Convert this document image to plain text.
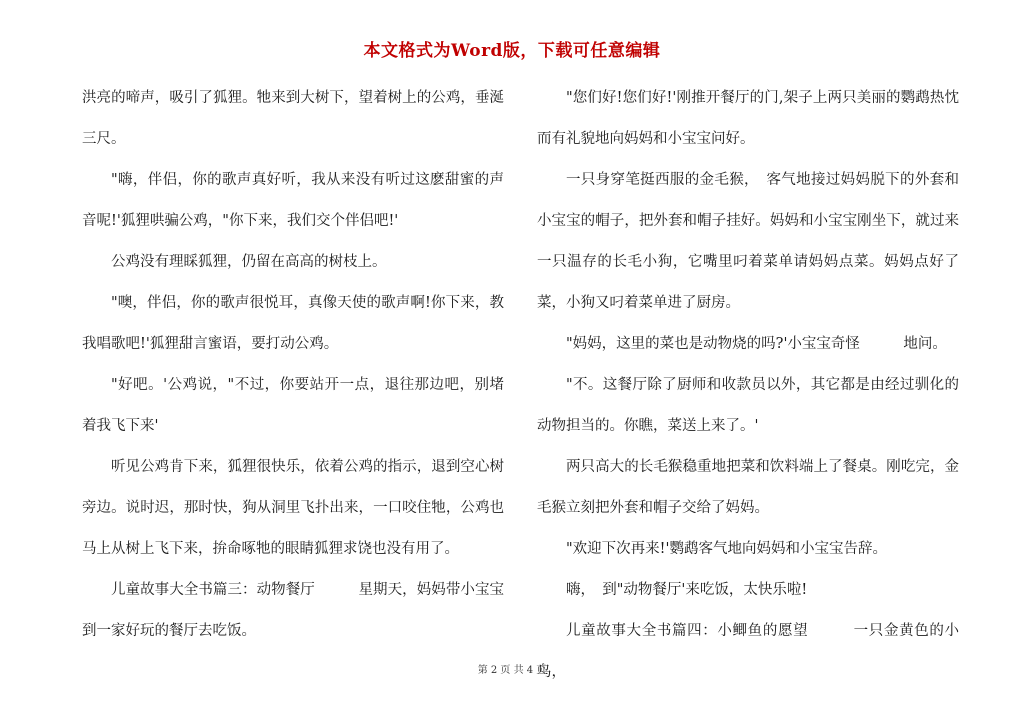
本文格式为Word版，下载可任意编辑

洪亮的啼声，吸引了狐狸。牠来到大树下，望着树上的公鸡，垂涎三尺。

"嗨，伴侣，你的歌声真好听，我从来没有听过这麽甜蜜的声音呢!'狐狸哄骗公鸡，"你下来，我们交个伴侣吧!'

公鸡没有理睬狐狸，仍留在高高的树枝上。

"噢，伴侣，你的歌声很悦耳，真像天使的歌声啊!你下来，教我唱歌吧!'狐狸甜言蜜语，要打动公鸡。

"好吧。'公鸡说，"不过，你要站开一点，退往那边吧，别堵着我飞下来'

听见公鸡肯下来，狐狸很快乐，依着公鸡的指示，退到空心树旁边。说时迟，那时快，狗从洞里飞扑出来，一口咬住牠，公鸡也马上从树上飞下来，拚命啄牠的眼睛狐狸求饶也没有用了。

儿童故事大全书篇三：动物餐厅　　　星期天，妈妈带小宝宝到一家好玩的餐厅去吃饭。

"您们好!您们好!'刚推开餐厅的门,架子上两只美丽的鹦鹉热忱而有礼貌地向妈妈和小宝宝问好。

一只身穿笔挺西服的金毛猴，　客气地接过妈妈脱下的外套和小宝宝的帽子，把外套和帽子挂好。妈妈和小宝宝刚坐下，就过来一只温存的长毛小狗，它嘴里叼着菜单请妈妈点菜。妈妈点好了菜，小狗又叼着菜单进了厨房。

"妈妈，这里的菜也是动物烧的吗?'小宝宝奇怪　　　地问。

"不。这餐厅除了厨师和收款员以外，其它都是由经过驯化的动物担当的。你瞧，菜送上来了。'

两只高大的长毛猴稳重地把菜和饮料端上了餐桌。刚吃完，金毛猴立刻把外套和帽子交给了妈妈。

"欢迎下次再来!'鹦鹉客气地向妈妈和小宝宝告辞。

嗨，　到"动物餐厅'来吃饭，太快乐啦!

儿童故事大全书篇四：小鲫鱼的愿望　　　一只金黄色的小鸟，

第 2 页 共 4 页
